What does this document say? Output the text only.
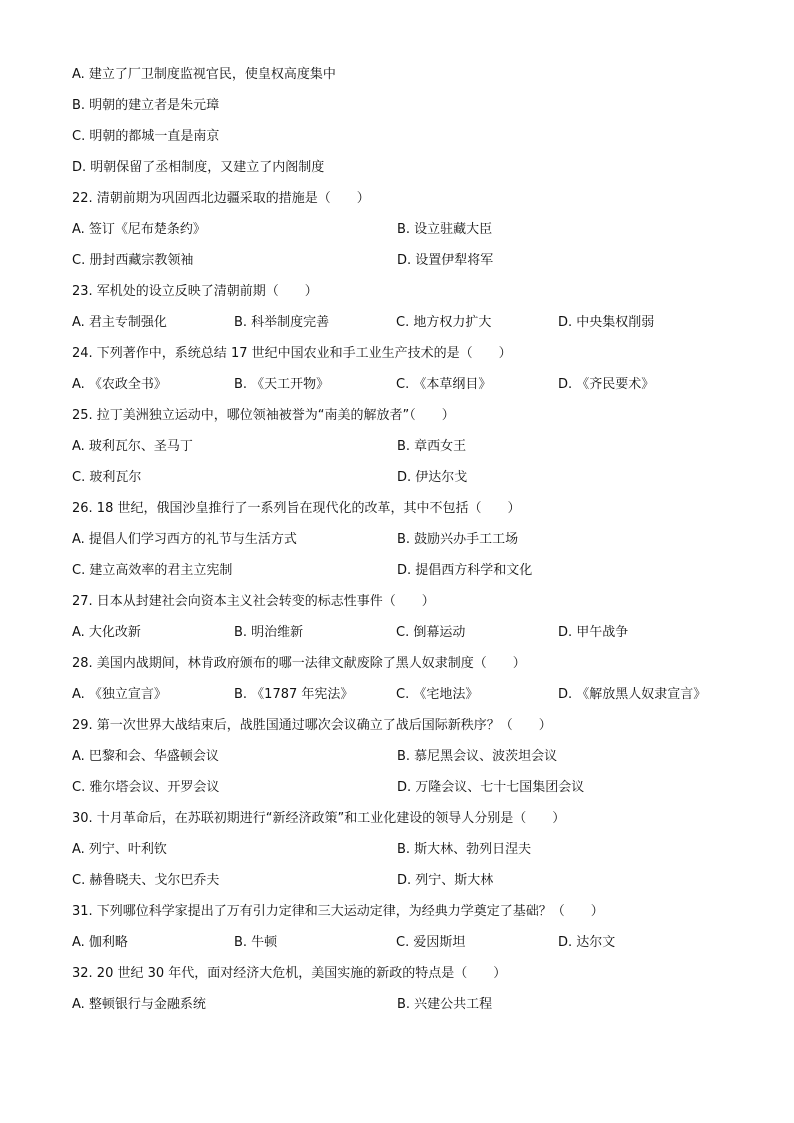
A. 建立了厂卫制度监视官民，使皇权高度集中
B. 明朝的建立者是朱元璋
C. 明朝的都城一直是南京
D. 明朝保留了丞相制度，又建立了内阁制度
22. 清朝前期为巩固西北边疆采取的措施是（　　）
A. 签订《尼布楚条约》	B. 设立驻藏大臣
C. 册封西藏宗教领袖	D. 设置伊犁将军
23. 军机处的设立反映了清朝前期（　　）
A. 君主专制强化	B. 科举制度完善	C. 地方权力扩大	D. 中央集权削弱
24. 下列著作中，系统总结 17 世纪中国农业和手工业生产技术的是（　　）
A. 《农政全书》	B. 《天工开物》	C. 《本草纲目》	D. 《齐民要术》
25. 拉丁美洲独立运动中，哪位领袖被誉为“南美的解放者”（　　）
A. 玻利瓦尔、圣马丁	B. 章西女王
C. 玻利瓦尔	D. 伊达尔戈
26. 18 世纪，俄国沙皇推行了一系列旨在现代化的改革，其中不包括（　　）
A. 提倡人们学习西方的礼节与生活方式	B. 鼓励兴办手工工场
C. 建立高效率的君主立宪制	D. 提倡西方科学和文化
27. 日本从封建社会向资本主义社会转变的标志性事件（　　）
A. 大化改新	B. 明治维新	C. 倒幕运动	D. 甲午战争
28. 美国内战期间，林肯政府颁布的哪一法律文献废除了黑人奴隶制度（　　）
A. 《独立宣言》	B. 《1787 年宪法》	C. 《宅地法》	D. 《解放黑人奴隶宣言》
29. 第一次世界大战结束后，战胜国通过哪次会议确立了战后国际新秩序？（　　）
A. 巴黎和会、华盛顿会议	B. 慕尼黑会议、波茨坦会议
C. 雅尔塔会议、开罗会议	D. 万隆会议、七十七国集团会议
30. 十月革命后，在苏联初期进行“新经济政策”和工业化建设的领导人分别是（　　）
A. 列宁、叶利钦	B. 斯大林、勃列日涅夫
C. 赫鲁晓夫、戈尔巴乔夫	D. 列宁、斯大林
31. 下列哪位科学家提出了万有引力定律和三大运动定律，为经典力学奠定了基础？（　　）
A. 伽利略	B. 牛顿	C. 爱因斯坦	D. 达尔文
32. 20 世纪 30 年代，面对经济大危机，美国实施的新政的特点是（　　）
A. 整顿银行与金融系统	B. 兴建公共工程
